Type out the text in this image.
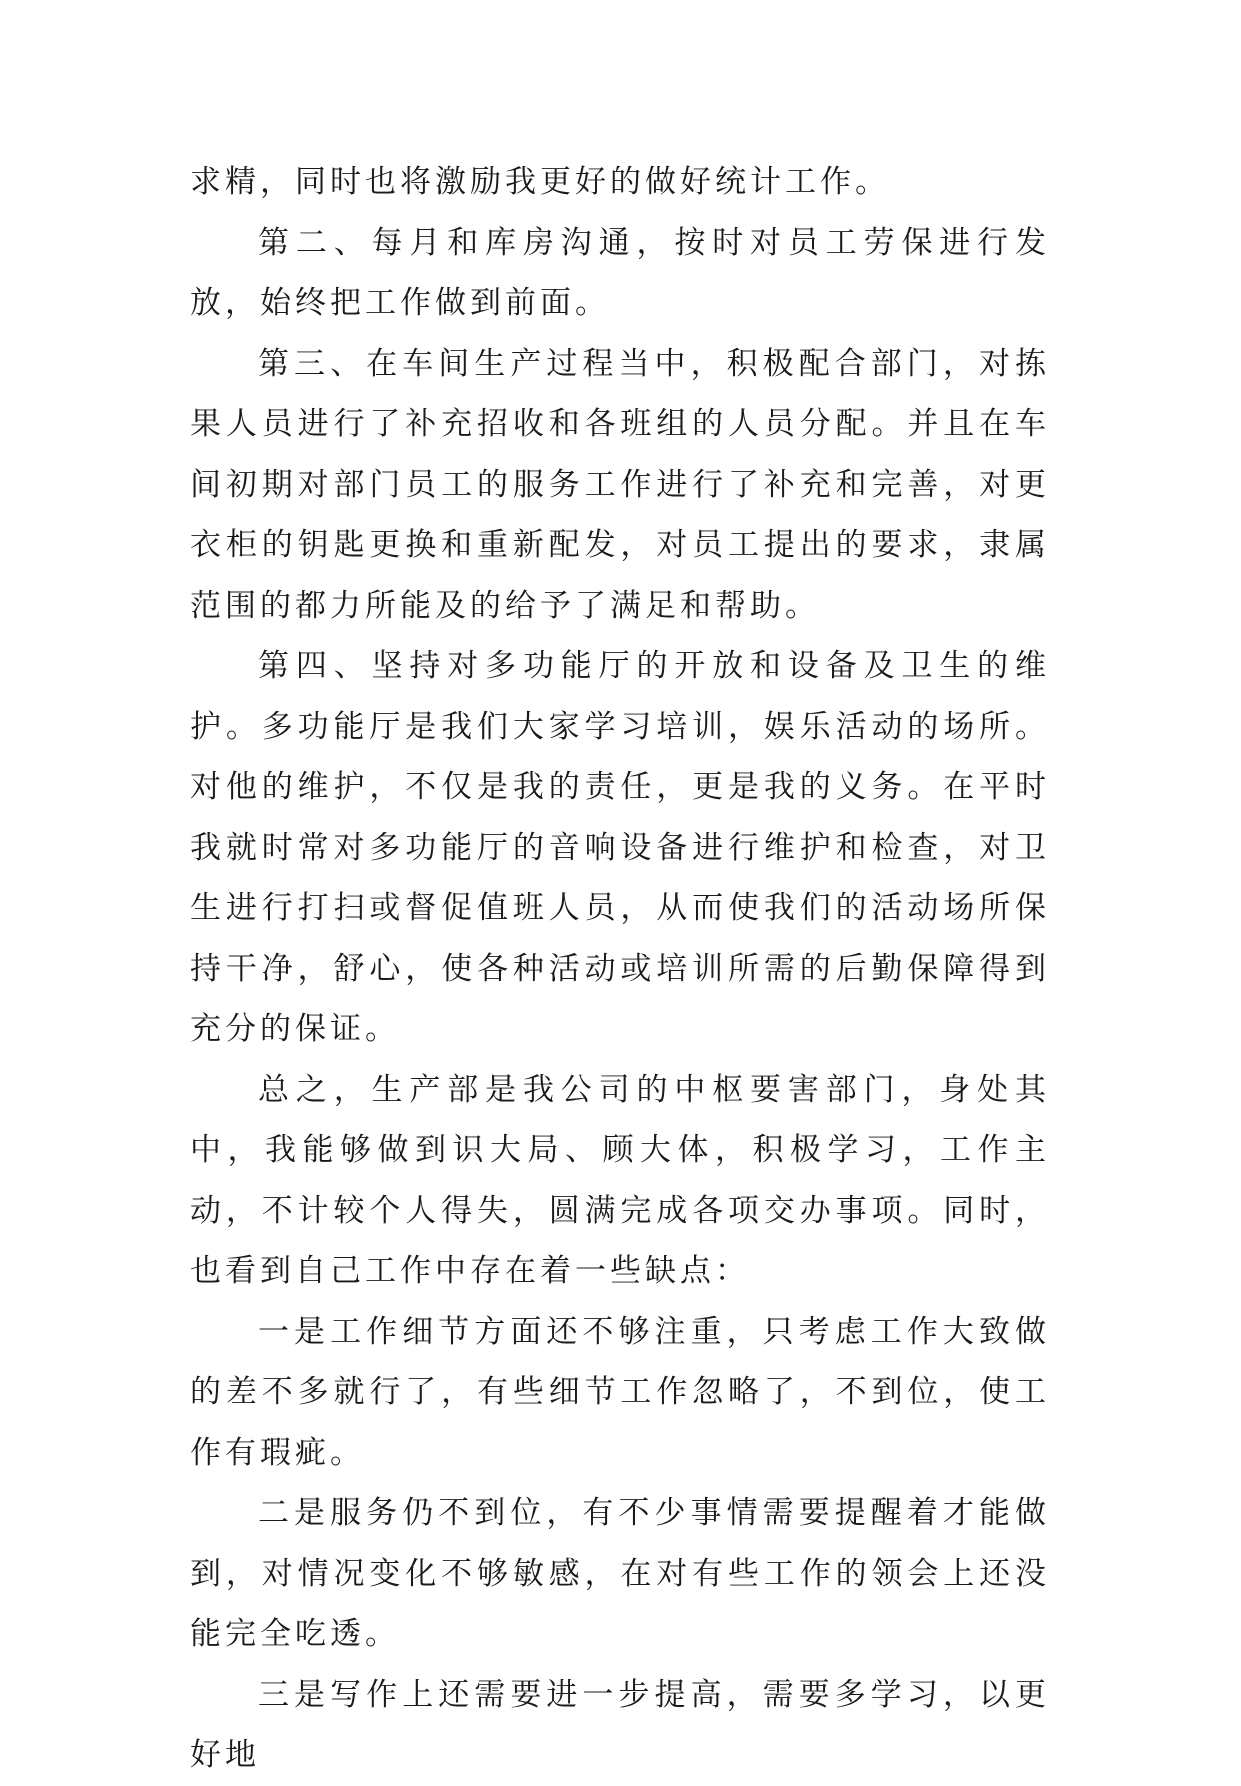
求精，同时也将激励我更好的做好统计工作。

第二、每月和库房沟通，按时对员工劳保进行发放，始终把工作做到前面。

第三、在车间生产过程当中，积极配合部门，对拣果人员进行了补充招收和各班组的人员分配。并且在车间初期对部门员工的服务工作进行了补充和完善，对更衣柜的钥匙更换和重新配发，对员工提出的要求，隶属范围的都力所能及的给予了满足和帮助。

第四、坚持对多功能厅的开放和设备及卫生的维护。多功能厅是我们大家学习培训，娱乐活动的场所。对他的维护，不仅是我的责任，更是我的义务。在平时我就时常对多功能厅的音响设备进行维护和检查，对卫生进行打扫或督促值班人员，从而使我们的活动场所保持干净，舒心，使各种活动或培训所需的后勤保障得到充分的保证。

总之，生产部是我公司的中枢要害部门，身处其中，我能够做到识大局、顾大体，积极学习，工作主动，不计较个人得失，圆满完成各项交办事项。同时，也看到自己工作中存在着一些缺点：

一是工作细节方面还不够注重，只考虑工作大致做的差不多就行了，有些细节工作忽略了，不到位，使工作有瑕疵。

二是服务仍不到位，有不少事情需要提醒着才能做到，对情况变化不够敏感，在对有些工作的领会上还没能完全吃透。

三是写作上还需要进一步提高，需要多学习，以更好地
